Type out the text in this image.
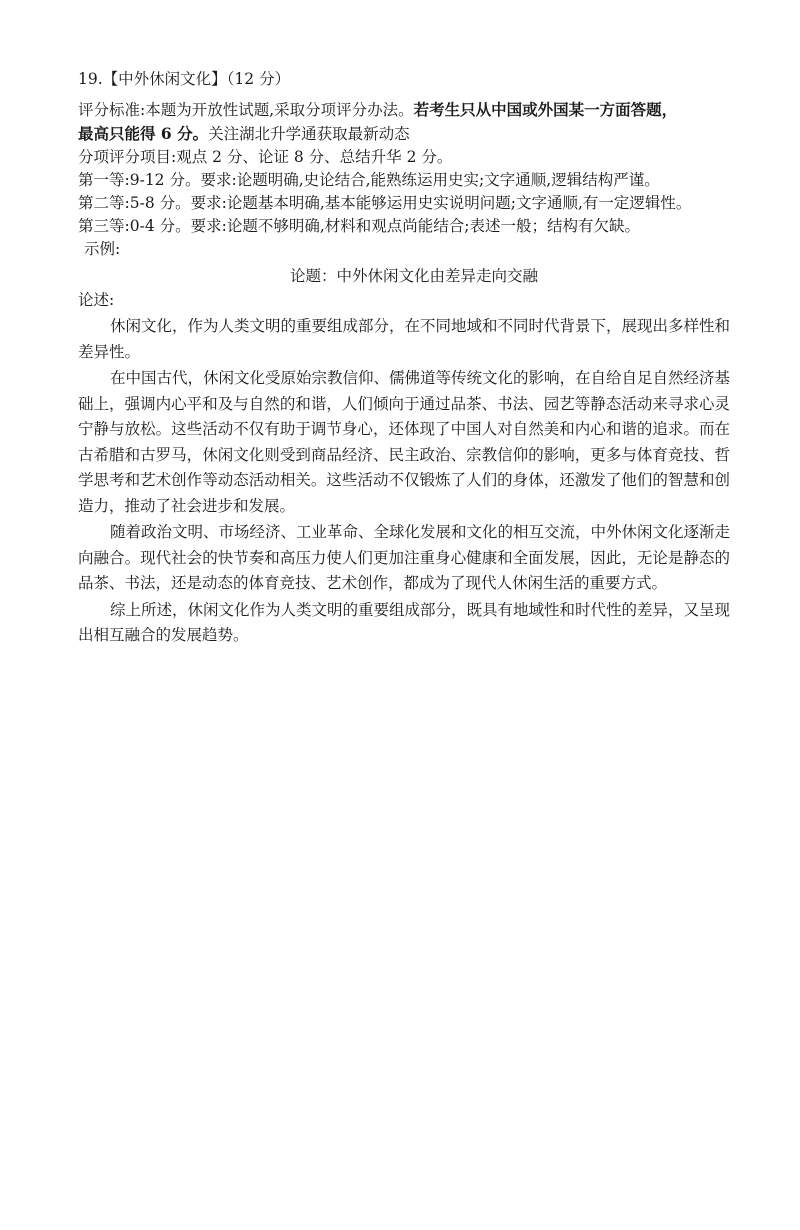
19.【中外休闲文化】（12 分）
评分标准:本题为开放性试题,采取分项评分办法。若考生只从中国或外国某一方面答题，
最高只能得 6 分。关注湖北升学通获取最新动态
分项评分项目:观点 2 分、论证 8 分、总结升华 2 分。
第一等:9-12 分。要求:论题明确,史论结合,能熟练运用史实;文字通顺,逻辑结构严谨。
第二等:5-8 分。要求:论题基本明确,基本能够运用史实说明问题;文字通顺,有一定逻辑性。
第三等:0-4 分。要求:论题不够明确,材料和观点尚能结合;表述一般；结构有欠缺。
示例:
论题：中外休闲文化由差异走向交融
论述:

休闲文化，作为人类文明的重要组成部分，在不同地域和不同时代背景下，展现出多样性和差异性。

在中国古代，休闲文化受原始宗教信仰、儒佛道等传统文化的影响，在自给自足自然经济基础上，强调内心平和及与自然的和谐，人们倾向于通过品茶、书法、园艺等静态活动来寻求心灵宁静与放松。这些活动不仅有助于调节身心，还体现了中国人对自然美和内心和谐的追求。而在古希腊和古罗马，休闲文化则受到商品经济、民主政治、宗教信仰的影响，更多与体育竞技、哲学思考和艺术创作等动态活动相关。这些活动不仅锻炼了人们的身体，还激发了他们的智慧和创造力，推动了社会进步和发展。

随着政治文明、市场经济、工业革命、全球化发展和文化的相互交流，中外休闲文化逐渐走向融合。现代社会的快节奏和高压力使人们更加注重身心健康和全面发展，因此，无论是静态的品茶、书法，还是动态的体育竞技、艺术创作，都成为了现代人休闲生活的重要方式。

综上所述，休闲文化作为人类文明的重要组成部分，既具有地域性和时代性的差异，又呈现出相互融合的发展趋势。
